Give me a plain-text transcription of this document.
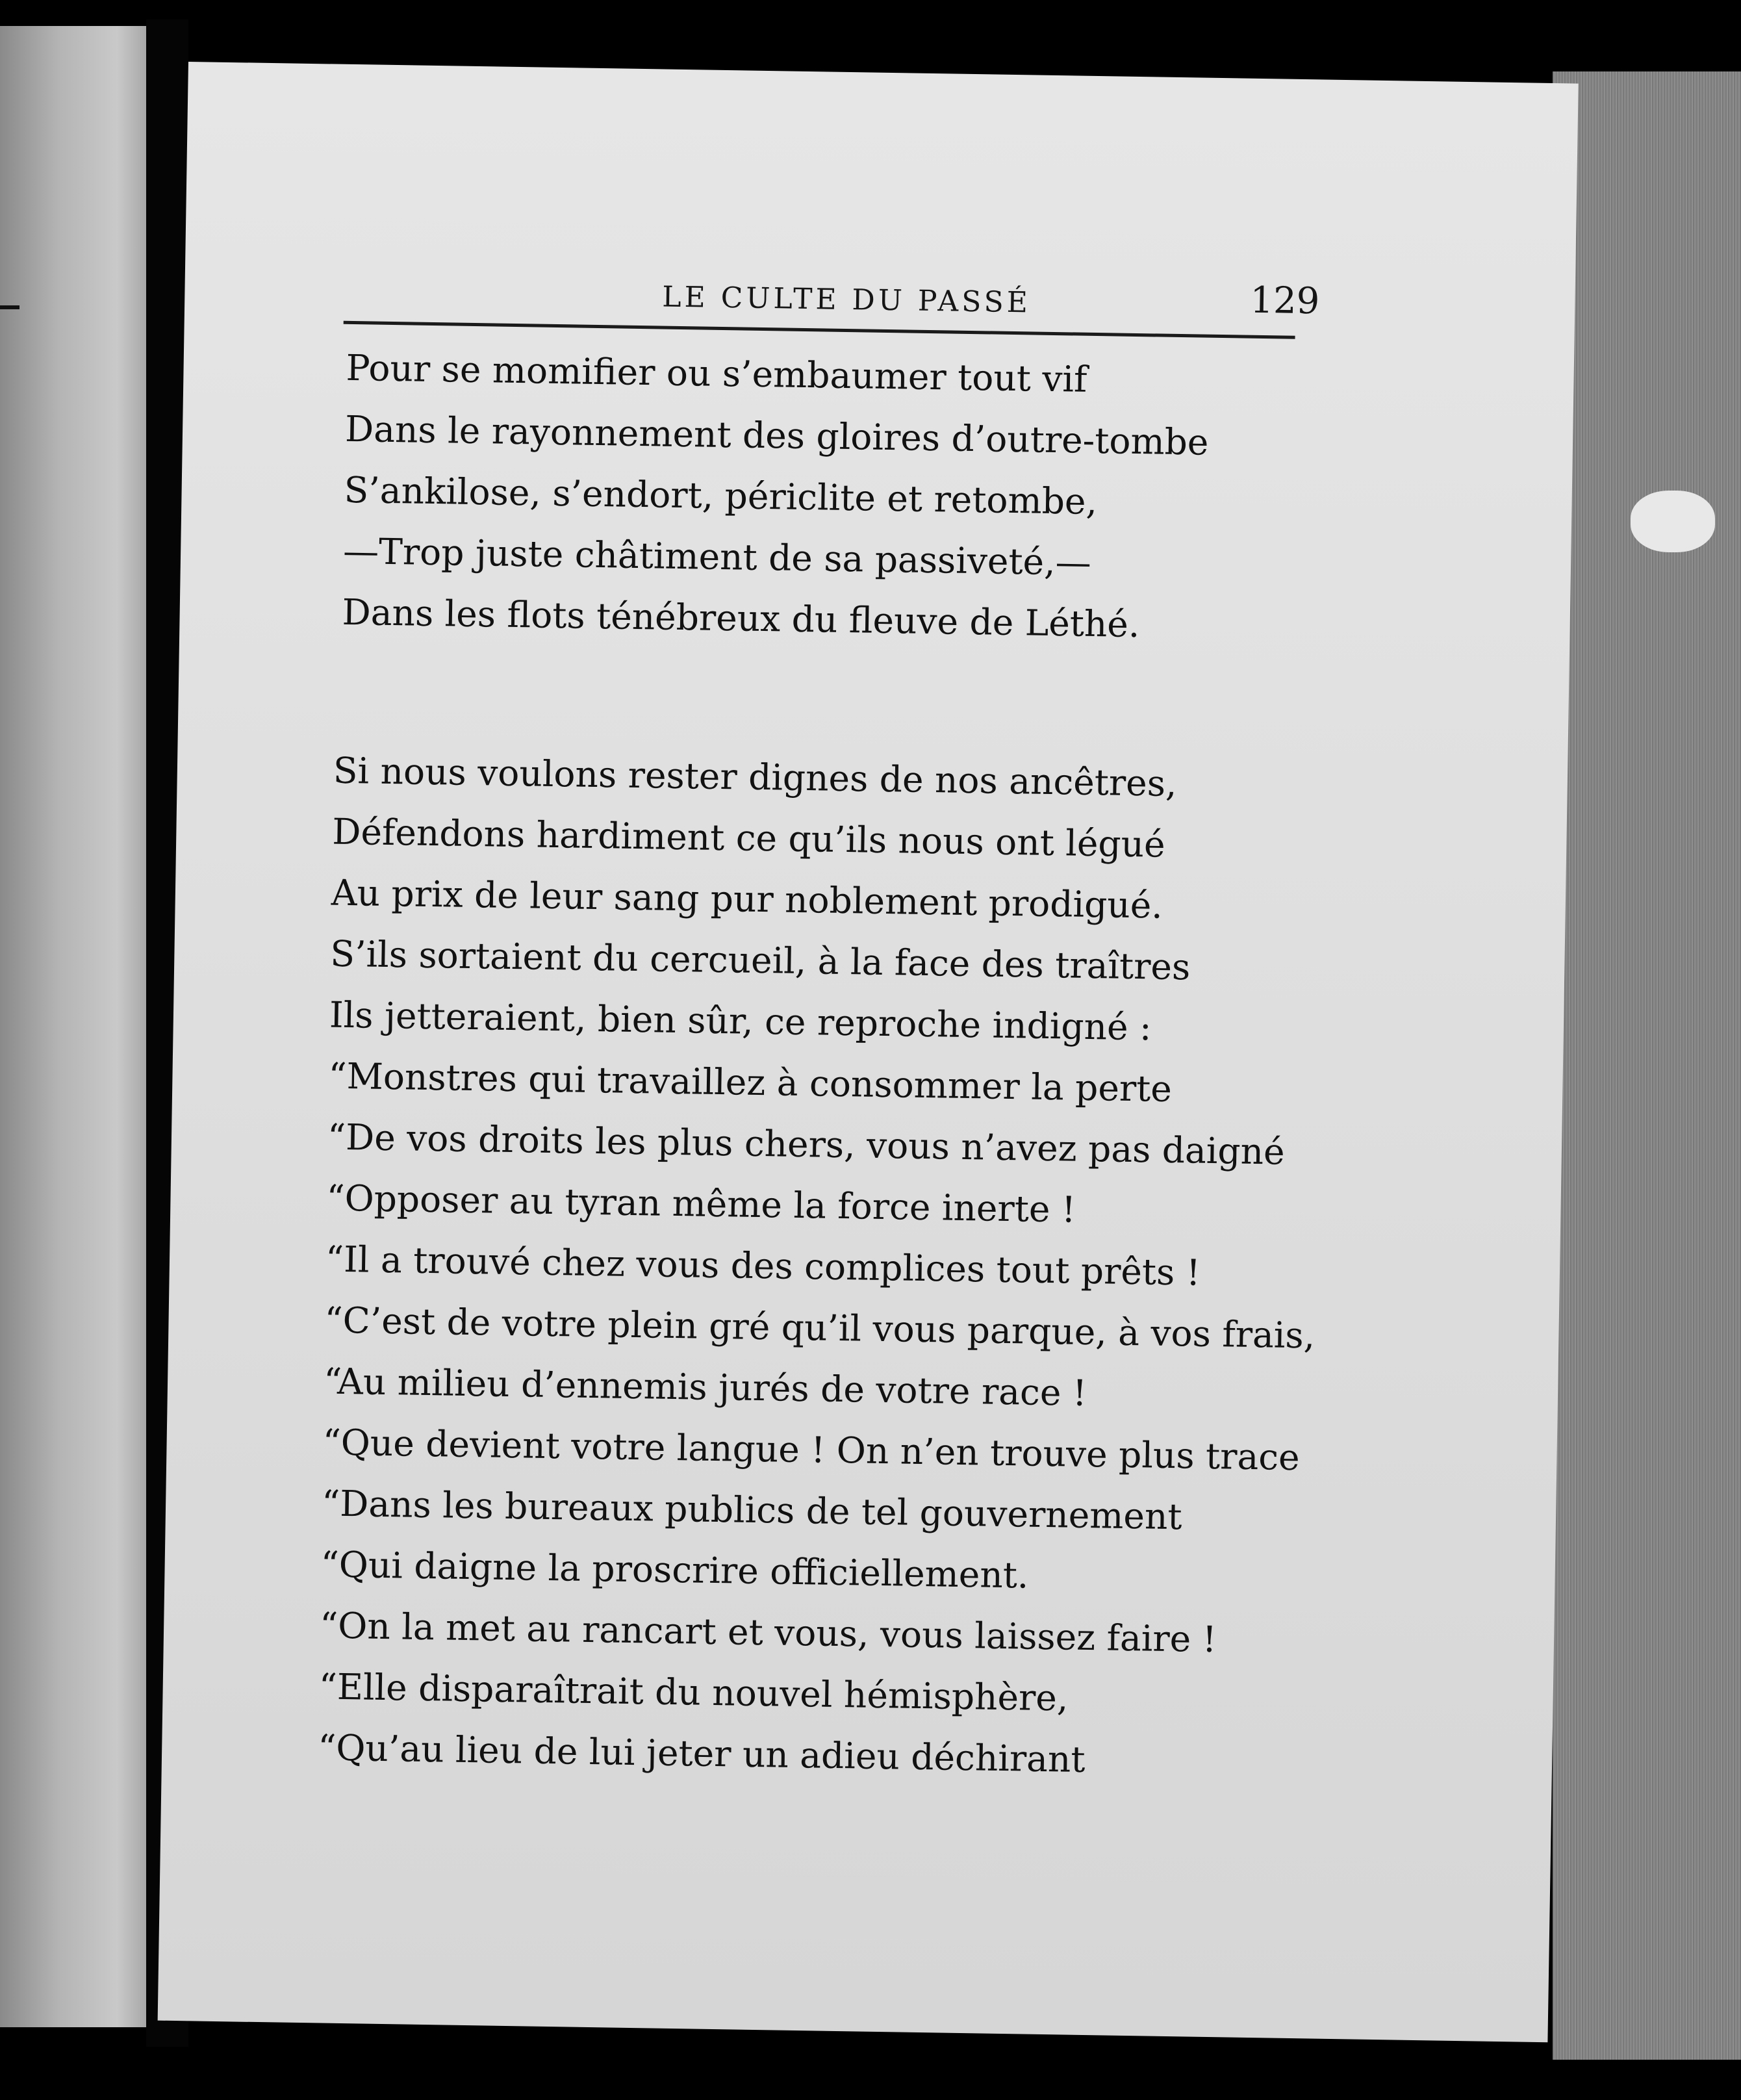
LE CULTE DU PASSÉ	129
Pour se momifier ou s’embaumer tout vif
Dans le rayonnement des gloires d’outre-tombe
S’ankilose, s’endort, périclite et retombe,
—Trop juste châtiment de sa passiveté,—
Dans les flots ténébreux du fleuve de Léthé.
Si nous voulons rester dignes de nos ancêtres,
Défendons hardiment ce qu’ils nous ont légué
Au prix de leur sang pur noblement prodigué.
S’ils sortaient du cercueil, à la face des traîtres
Ils jetteraient, bien sûr, ce reproche indigné :
“Monstres qui travaillez à consommer la perte
“De vos droits les plus chers, vous n’avez pas daigné
“Opposer au tyran même la force inerte !
“Il a trouvé chez vous des complices tout prêts !
“C’est de votre plein gré qu’il vous parque, à vos frais,
“Au milieu d’ennemis jurés de votre race !
“Que devient votre langue ! On n’en trouve plus trace
“Dans les bureaux publics de tel gouvernement
“Qui daigne la proscrire officiellement.
“On la met au rancart et vous, vous laissez faire !
“Elle disparaîtrait du nouvel hémisphère,
“Qu’au lieu de lui jeter un adieu déchirant
